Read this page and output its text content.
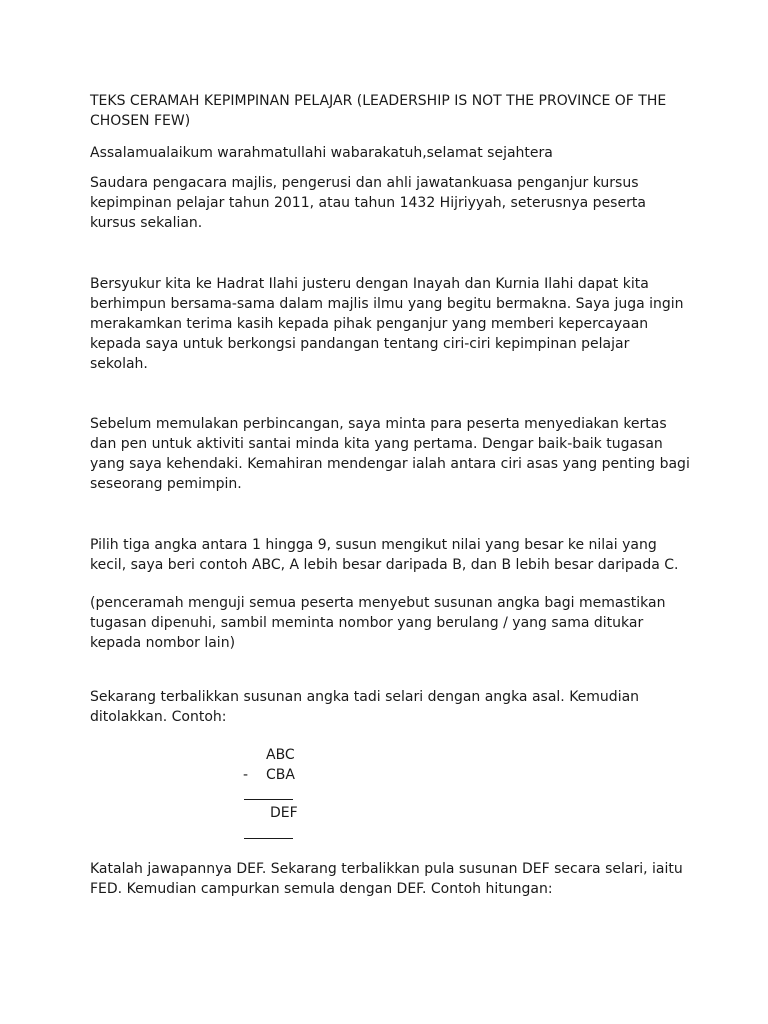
TEKS CERAMAH KEPIMPINAN PELAJAR (LEADERSHIP IS NOT THE PROVINCE OF THE CHOSEN FEW)

Assalamualaikum warahmatullahi wabarakatuh,selamat sejahtera

Saudara pengacara majlis, pengerusi dan ahli jawatankuasa penganjur kursus kepimpinan pelajar tahun 2011, atau tahun 1432 Hijriyyah, seterusnya peserta kursus sekalian.

Bersyukur kita ke Hadrat Ilahi justeru dengan Inayah dan Kurnia Ilahi dapat kita berhimpun bersama-sama dalam majlis ilmu yang begitu bermakna. Saya juga ingin merakamkan terima kasih kepada pihak penganjur yang memberi kepercayaan kepada saya untuk berkongsi pandangan tentang ciri-ciri kepimpinan pelajar sekolah.

Sebelum memulakan perbincangan, saya minta para peserta menyediakan kertas dan pen untuk aktiviti santai minda kita yang pertama. Dengar baik-baik tugasan yang saya kehendaki. Kemahiran mendengar ialah antara ciri asas yang penting bagi seseorang pemimpin.

Pilih tiga angka antara 1 hingga 9, susun mengikut nilai yang besar ke nilai yang kecil, saya beri contoh ABC, A lebih besar daripada B, dan B lebih besar daripada C.

(penceramah menguji semua peserta menyebut susunan angka bagi memastikan tugasan dipenuhi, sambil meminta nombor yang berulang / yang sama ditukar kepada nombor lain)

Sekarang terbalikkan susunan angka tadi selari dengan angka asal. Kemudian ditolakkan. Contoh:

ABC
- CBA
DEF

Katalah jawapannya DEF. Sekarang terbalikkan pula susunan DEF secara selari, iaitu FED. Kemudian campurkan semula dengan DEF. Contoh hitungan:
